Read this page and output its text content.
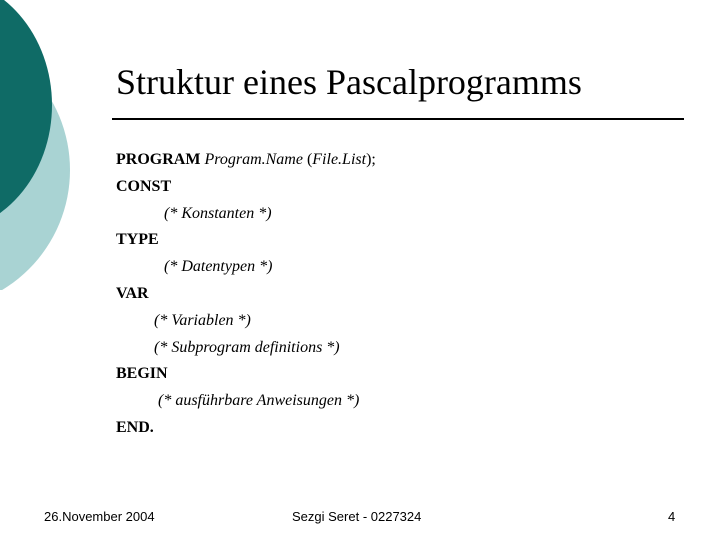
Struktur eines Pascalprogramms
PROGRAM Program.Name (File.List);
CONST
(* Konstanten *)
TYPE
(* Datentypen *)
VAR
(* Variablen *)
(* Subprogram definitions *)
BEGIN
(* ausführbare Anweisungen *)
END.
26.November 2004	Sezgi Seret - 0227324	4
